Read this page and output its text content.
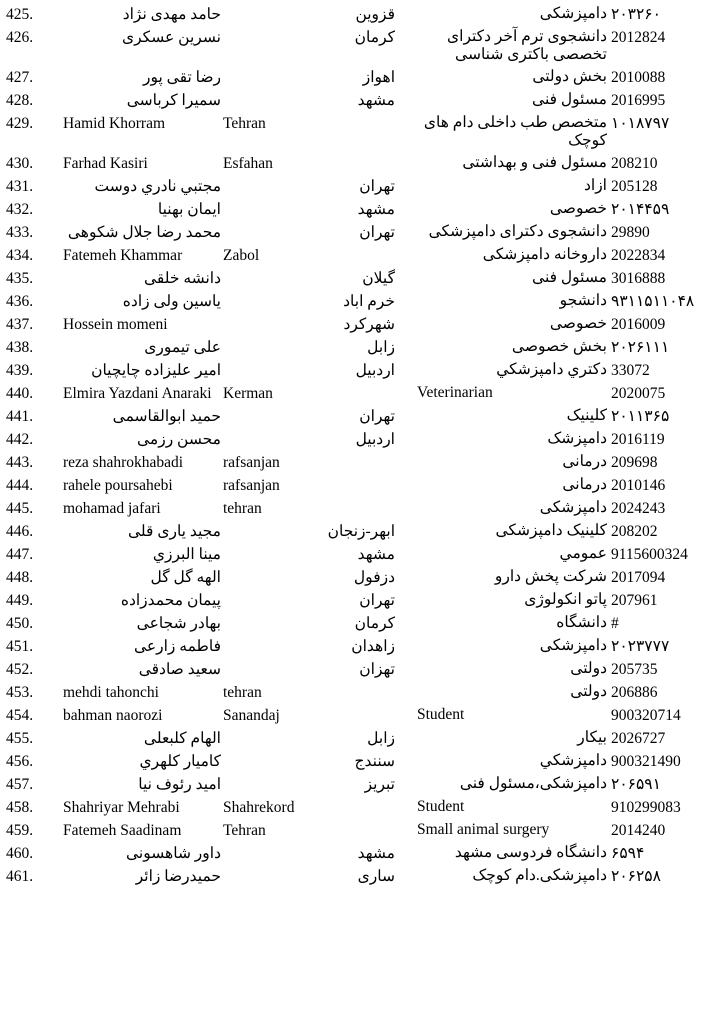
425.	حامد مهدی نژاد	قزوین	دامپزشکی	۲۰۳۲۶۰
426.	نسرین عسکری	کرمان	دانشجوی ترم آخر دکترای تخصصی باکتری شناسی	2012824
427.	رضا تقی پور	اهواز	بخش دولتی	2010088
428.	سمیرا کرباسی	مشهد	مسئول فنی	2016995
429.	Hamid Khorram	Tehran	متخصص طب داخلی دام های کوچک	۱۰۱۸۷۹۷
430.	Farhad Kasiri	Esfahan	مسئول فنی و بهداشتی	208210
431.	مجتبي نادري دوست	تهران	ازاد	205128
432.	ایمان بهنیا	مشهد	خصوصی	۲۰۱۴۴۵۹
433.	محمد رضا جلال شکوهی	تهران	دانشجوی دکترای دامپزشکی	29890
434.	Fatemeh Khammar	Zabol	داروخانه دامپزشکی	2022834
435.	دانشه خلقی	گیلان	مسئول فنی	3016888
436.	یاسین ولی زاده	خرم اباد	دانشجو	۹۳۱۱۵۱۱۰۴۸
437.	Hossein momeni	شهرکرد	خصوصی	2016009
438.	علی تیموری	زابل	بخش خصوصی	۲۰۲۶۱۱۱
439.	امير عليزاده چايچيان	اردبيل	دكتري دامپزشكي	33072
440.	Elmira Yazdani Anaraki	Kerman	Veterinarian	2020075
441.	حمید ابوالقاسمی	تهران	کلینیک	۲۰۱۱۳۶۵
442.	محسن رزمی	اردبیل	دامپزشک	2016119
443.	reza shahrokhabadi	rafsanjan	درمانی	209698
444.	rahele poursahebi	rafsanjan	درمانی	2010146
445.	mohamad jafari	tehran	دامپزشکی	2024243
446.	مجید یاری قلی	ابهر-زنجان	کلینیک دامپزشکی	208202
447.	مينا البرزي	مشهد	عمومي	9115600324
448.	الهه گل گل	دزفول	شرکت پخش دارو	2017094
449.	پیمان محمدزاده	تهران	پاتو انکولوژی	207961
450.	بهادر شجاعی	کرمان	دانشگاه	#
451.	فاطمه زارعی	زاهدان	دامپزشکی	۲۰۲۳۷۷۷
452.	سعید صادقی	تهزان	دولتی	205735
453.	mehdi tahonchi	tehran	دولتی	206886
454.	bahman naorozi	Sanandaj	Student	900320714
455.	الهام کلبعلی	زابل	بیکار	2026727
456.	كامیار كلهري	سنندج	دامپزشكي	900321490
457.	امید رئوف نیا	تبریز	دامپزشکی،مسئول فنی	۲۰۶۵۹۱
458.	Shahriyar Mehrabi	Shahrekord	Student	910299083
459.	Fatemeh Saadinam	Tehran	Small animal surgery	2014240
460.	داور شاهسونی	مشهد	دانشگاه فردوسی مشهد	۶۵۹۴
461.	حمیدرضا زائر	ساری	دامپزشکی.دام کوچک	۲۰۶۲۵۸
